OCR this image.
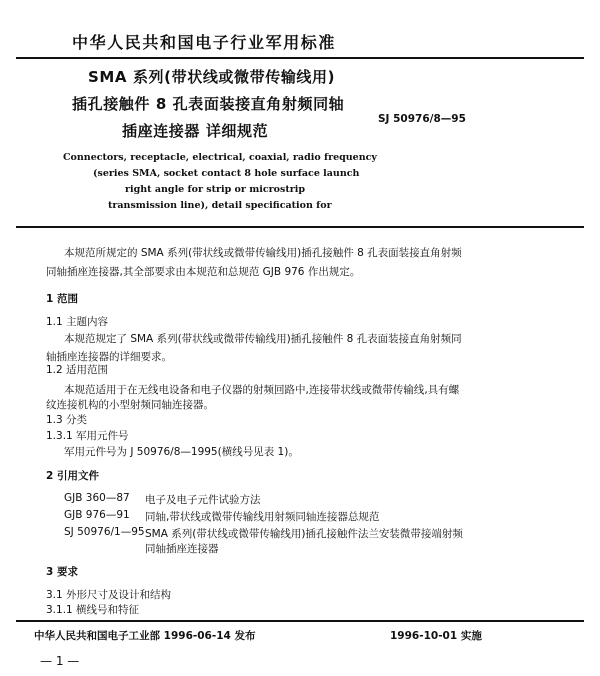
中华人民共和国电子行业军用标准
SMA 系列(带状线或微带传输线用)
插孔接触件 8 孔表面装接直角射频同轴
插座连接器 详细规范
SJ 50976/8—95
Connectors, receptacle, electrical, coaxial, radio frequency
(series SMA, socket contact 8 hole surface launch
right angle for strip or microstrip
transmission line), detail specification for
本规范所规定的 SMA 系列(带状线或微带传输线用)插孔接触件 8 孔表面装接直角射频
同轴插座连接器,其全部要求由本规范和总规范 GJB 976 作出规定。
1 范围
1.1 主题内容
本规范规定了 SMA 系列(带状线或微带传输线用)插孔接触件 8 孔表面装接直角射频同
轴插座连接器的详细要求。
1.2 适用范围
本规范适用于在无线电设备和电子仪器的射频回路中,连接带状线或微带传输线,具有螺
纹连接机构的小型射频同轴连接器。
1.3 分类
1.3.1 军用元件号
军用元件号为 J 50976/8—1995(横线号见表 1)。
2 引用文件
GJB 360—87 电子及电子元件试验方法
GJB 976—91 同轴,带状线或微带传输线用射频同轴连接器总规范
SJ 50976/1—95 SMA 系列(带状线或微带传输线用)插孔接触件法兰安装微带接端射频
同轴插座连接器
3 要求
3.1 外形尺寸及设计和结构
3.1.1 横线号和特征
中华人民共和国电子工业部 1996-06-14 发布	1996-10-01 实施
— 1 —
